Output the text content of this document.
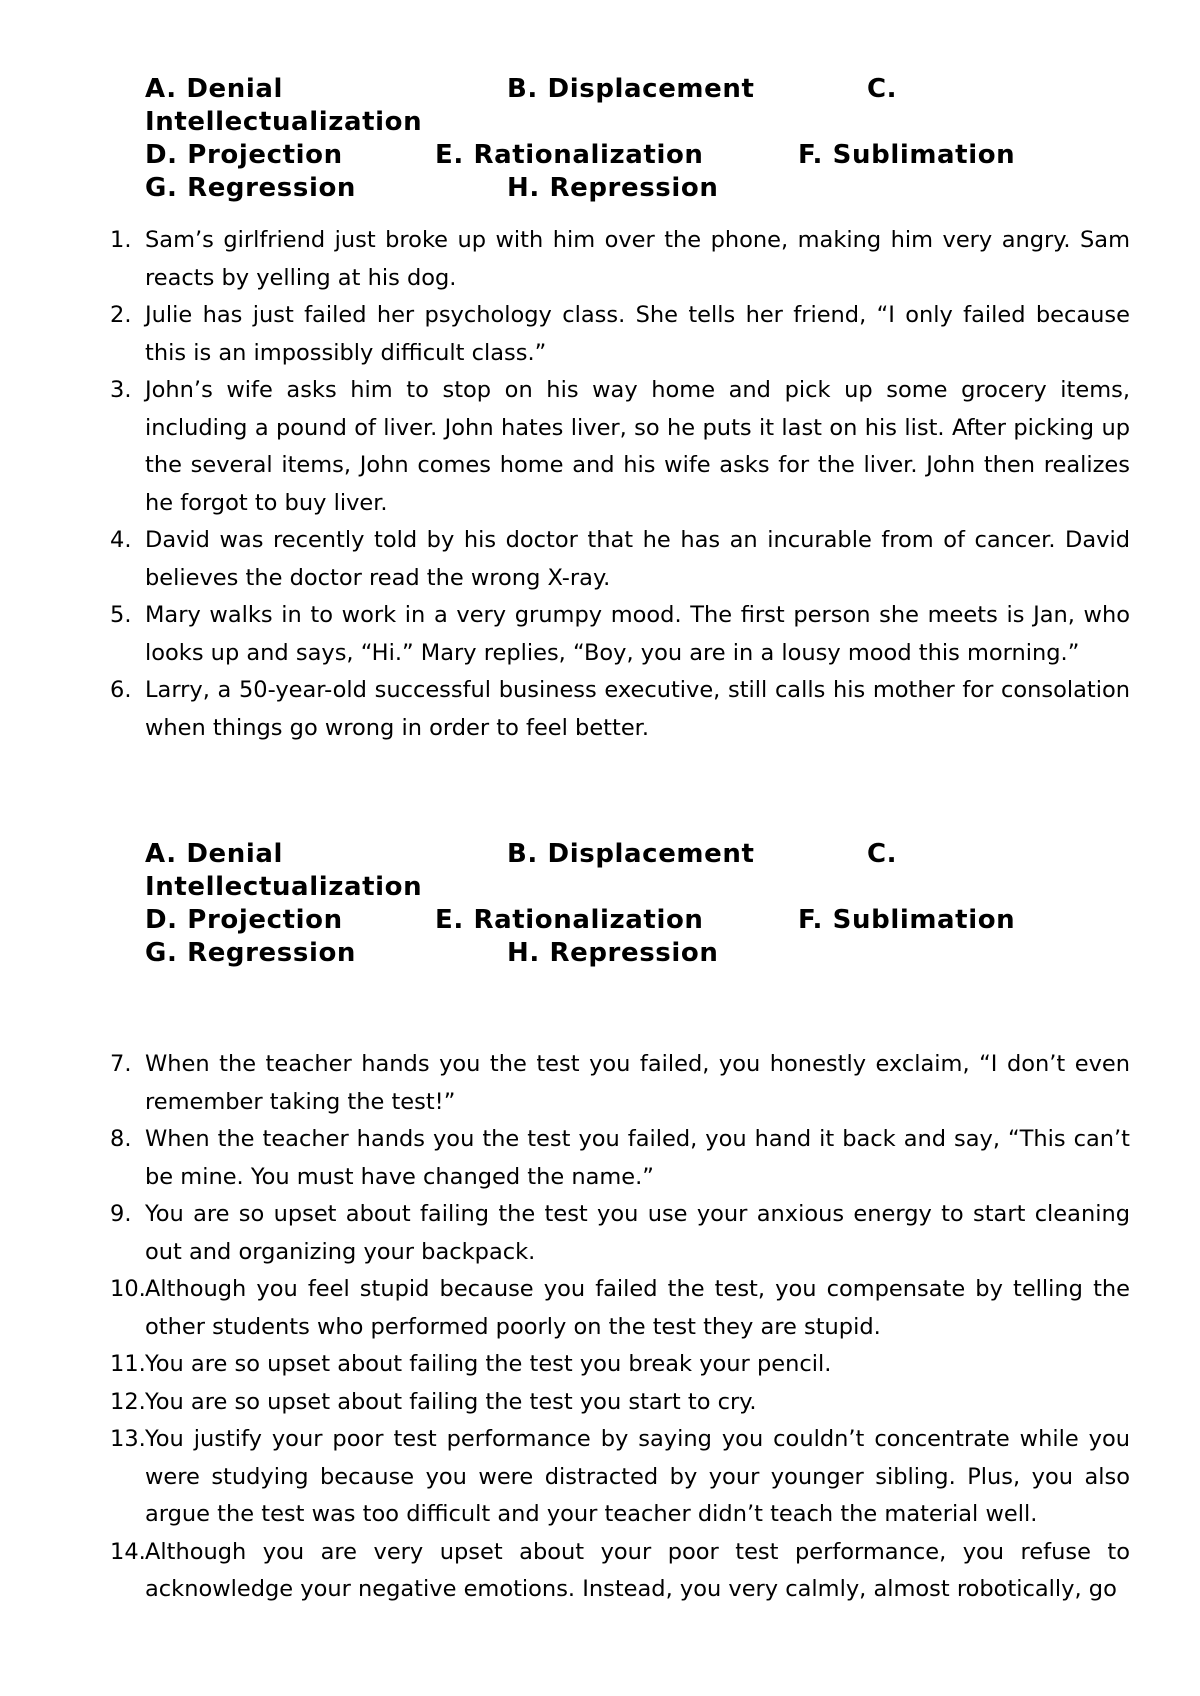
A. Denial	B. Displacement	C.
Intellectualization
D. Projection	E. Rationalization	F. Sublimation
G. Regression	H. Repression
1. Sam’s girlfriend just broke up with him over the phone, making him very angry. Sam reacts by yelling at his dog.
2. Julie has just failed her psychology class. She tells her friend, “I only failed because this is an impossibly difficult class.”
3. John’s wife asks him to stop on his way home and pick up some grocery items, including a pound of liver. John hates liver, so he puts it last on his list. After picking up the several items, John comes home and his wife asks for the liver. John then realizes he forgot to buy liver.
4. David was recently told by his doctor that he has an incurable from of cancer. David believes the doctor read the wrong X-ray.
5. Mary walks in to work in a very grumpy mood. The first person she meets is Jan, who looks up and says, “Hi.” Mary replies, “Boy, you are in a lousy mood this morning.”
6. Larry, a 50-year-old successful business executive, still calls his mother for consolation when things go wrong in order to feel better.
A. Denial	B. Displacement	C.
Intellectualization
D. Projection	E. Rationalization	F. Sublimation
G. Regression	H. Repression
7. When the teacher hands you the test you failed, you honestly exclaim, “I don’t even remember taking the test!”
8. When the teacher hands you the test you failed, you hand it back and say, “This can’t be mine. You must have changed the name.”
9. You are so upset about failing the test you use your anxious energy to start cleaning out and organizing your backpack.
10. Although you feel stupid because you failed the test, you compensate by telling the other students who performed poorly on the test they are stupid.
11. You are so upset about failing the test you break your pencil.
12. You are so upset about failing the test you start to cry.
13. You justify your poor test performance by saying you couldn’t concentrate while you were studying because you were distracted by your younger sibling. Plus, you also argue the test was too difficult and your teacher didn’t teach the material well.
14. Although you are very upset about your poor test performance, you refuse to acknowledge your negative emotions. Instead, you very calmly, almost robotically, go
